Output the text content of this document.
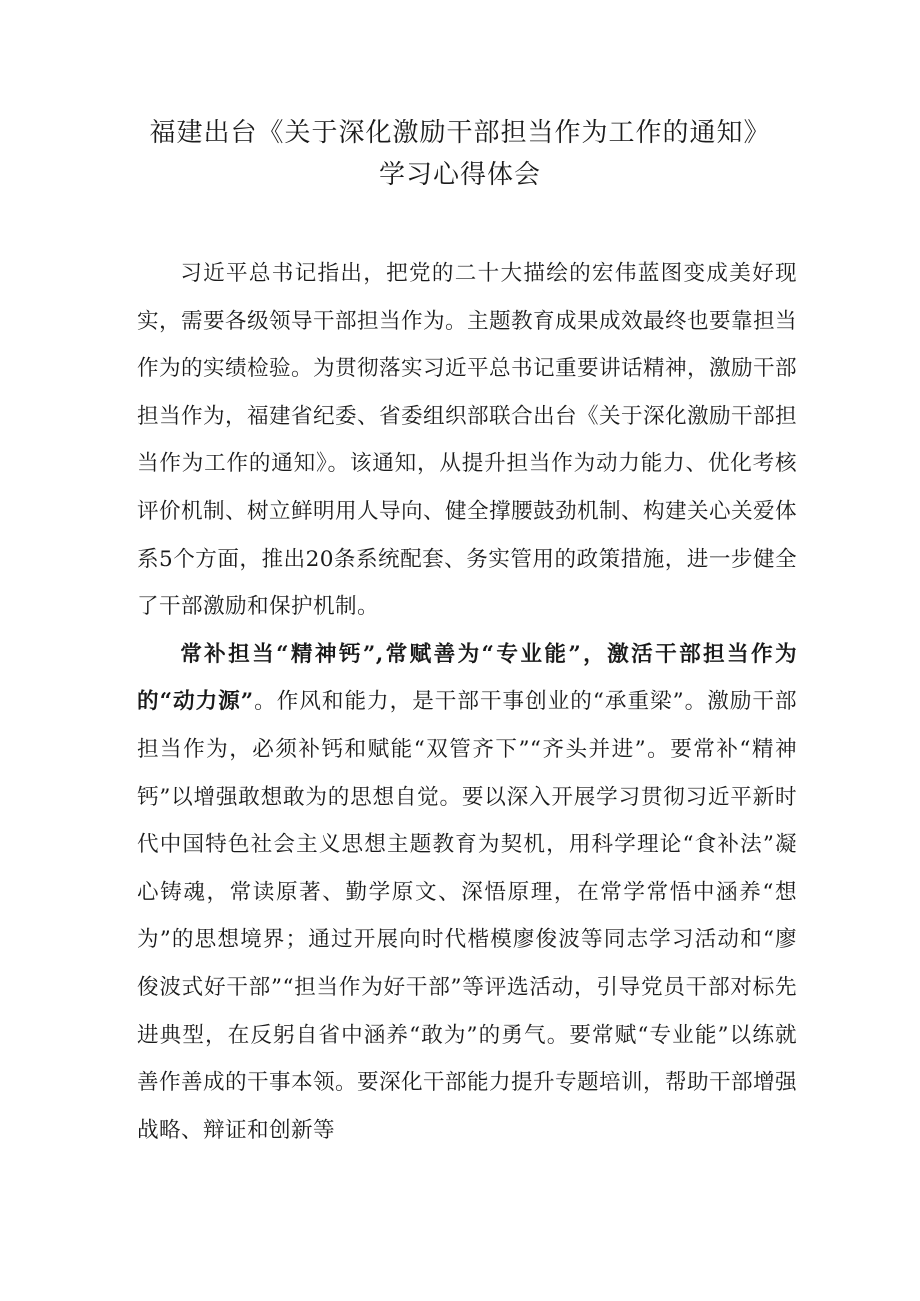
福建出台《关于深化激励干部担当作为工作的通知》
学习心得体会

习近平总书记指出，把党的二十大描绘的宏伟蓝图变成美好现实，需要各级领导干部担当作为。主题教育成果成效最终也要靠担当作为的实绩检验。为贯彻落实习近平总书记重要讲话精神，激励干部担当作为，福建省纪委、省委组织部联合出台《关于深化激励干部担当作为工作的通知》。该通知，从提升担当作为动力能力、优化考核评价机制、树立鲜明用人导向、健全撑腰鼓劲机制、构建关心关爱体系5个方面，推出20条系统配套、务实管用的政策措施，进一步健全了干部激励和保护机制。

常补担当“精神钙”,常赋善为“专业能”，激活干部担当作为的“动力源”。作风和能力，是干部干事创业的“承重梁”。激励干部担当作为，必须补钙和赋能“双管齐下”“齐头并进”。要常补“精神钙”以增强敢想敢为的思想自觉。要以深入开展学习贯彻习近平新时代中国特色社会主义思想主题教育为契机，用科学理论“食补法”凝心铸魂，常读原著、勤学原文、深悟原理，在常学常悟中涵养“想为”的思想境界；通过开展向时代楷模廖俊波等同志学习活动和“廖俊波式好干部”“担当作为好干部”等评选活动，引导党员干部对标先进典型，在反躬自省中涵养“敢为”的勇气。要常赋“专业能”以练就善作善成的干事本领。要深化干部能力提升专题培训，帮助干部增强战略、辩证和创新等
